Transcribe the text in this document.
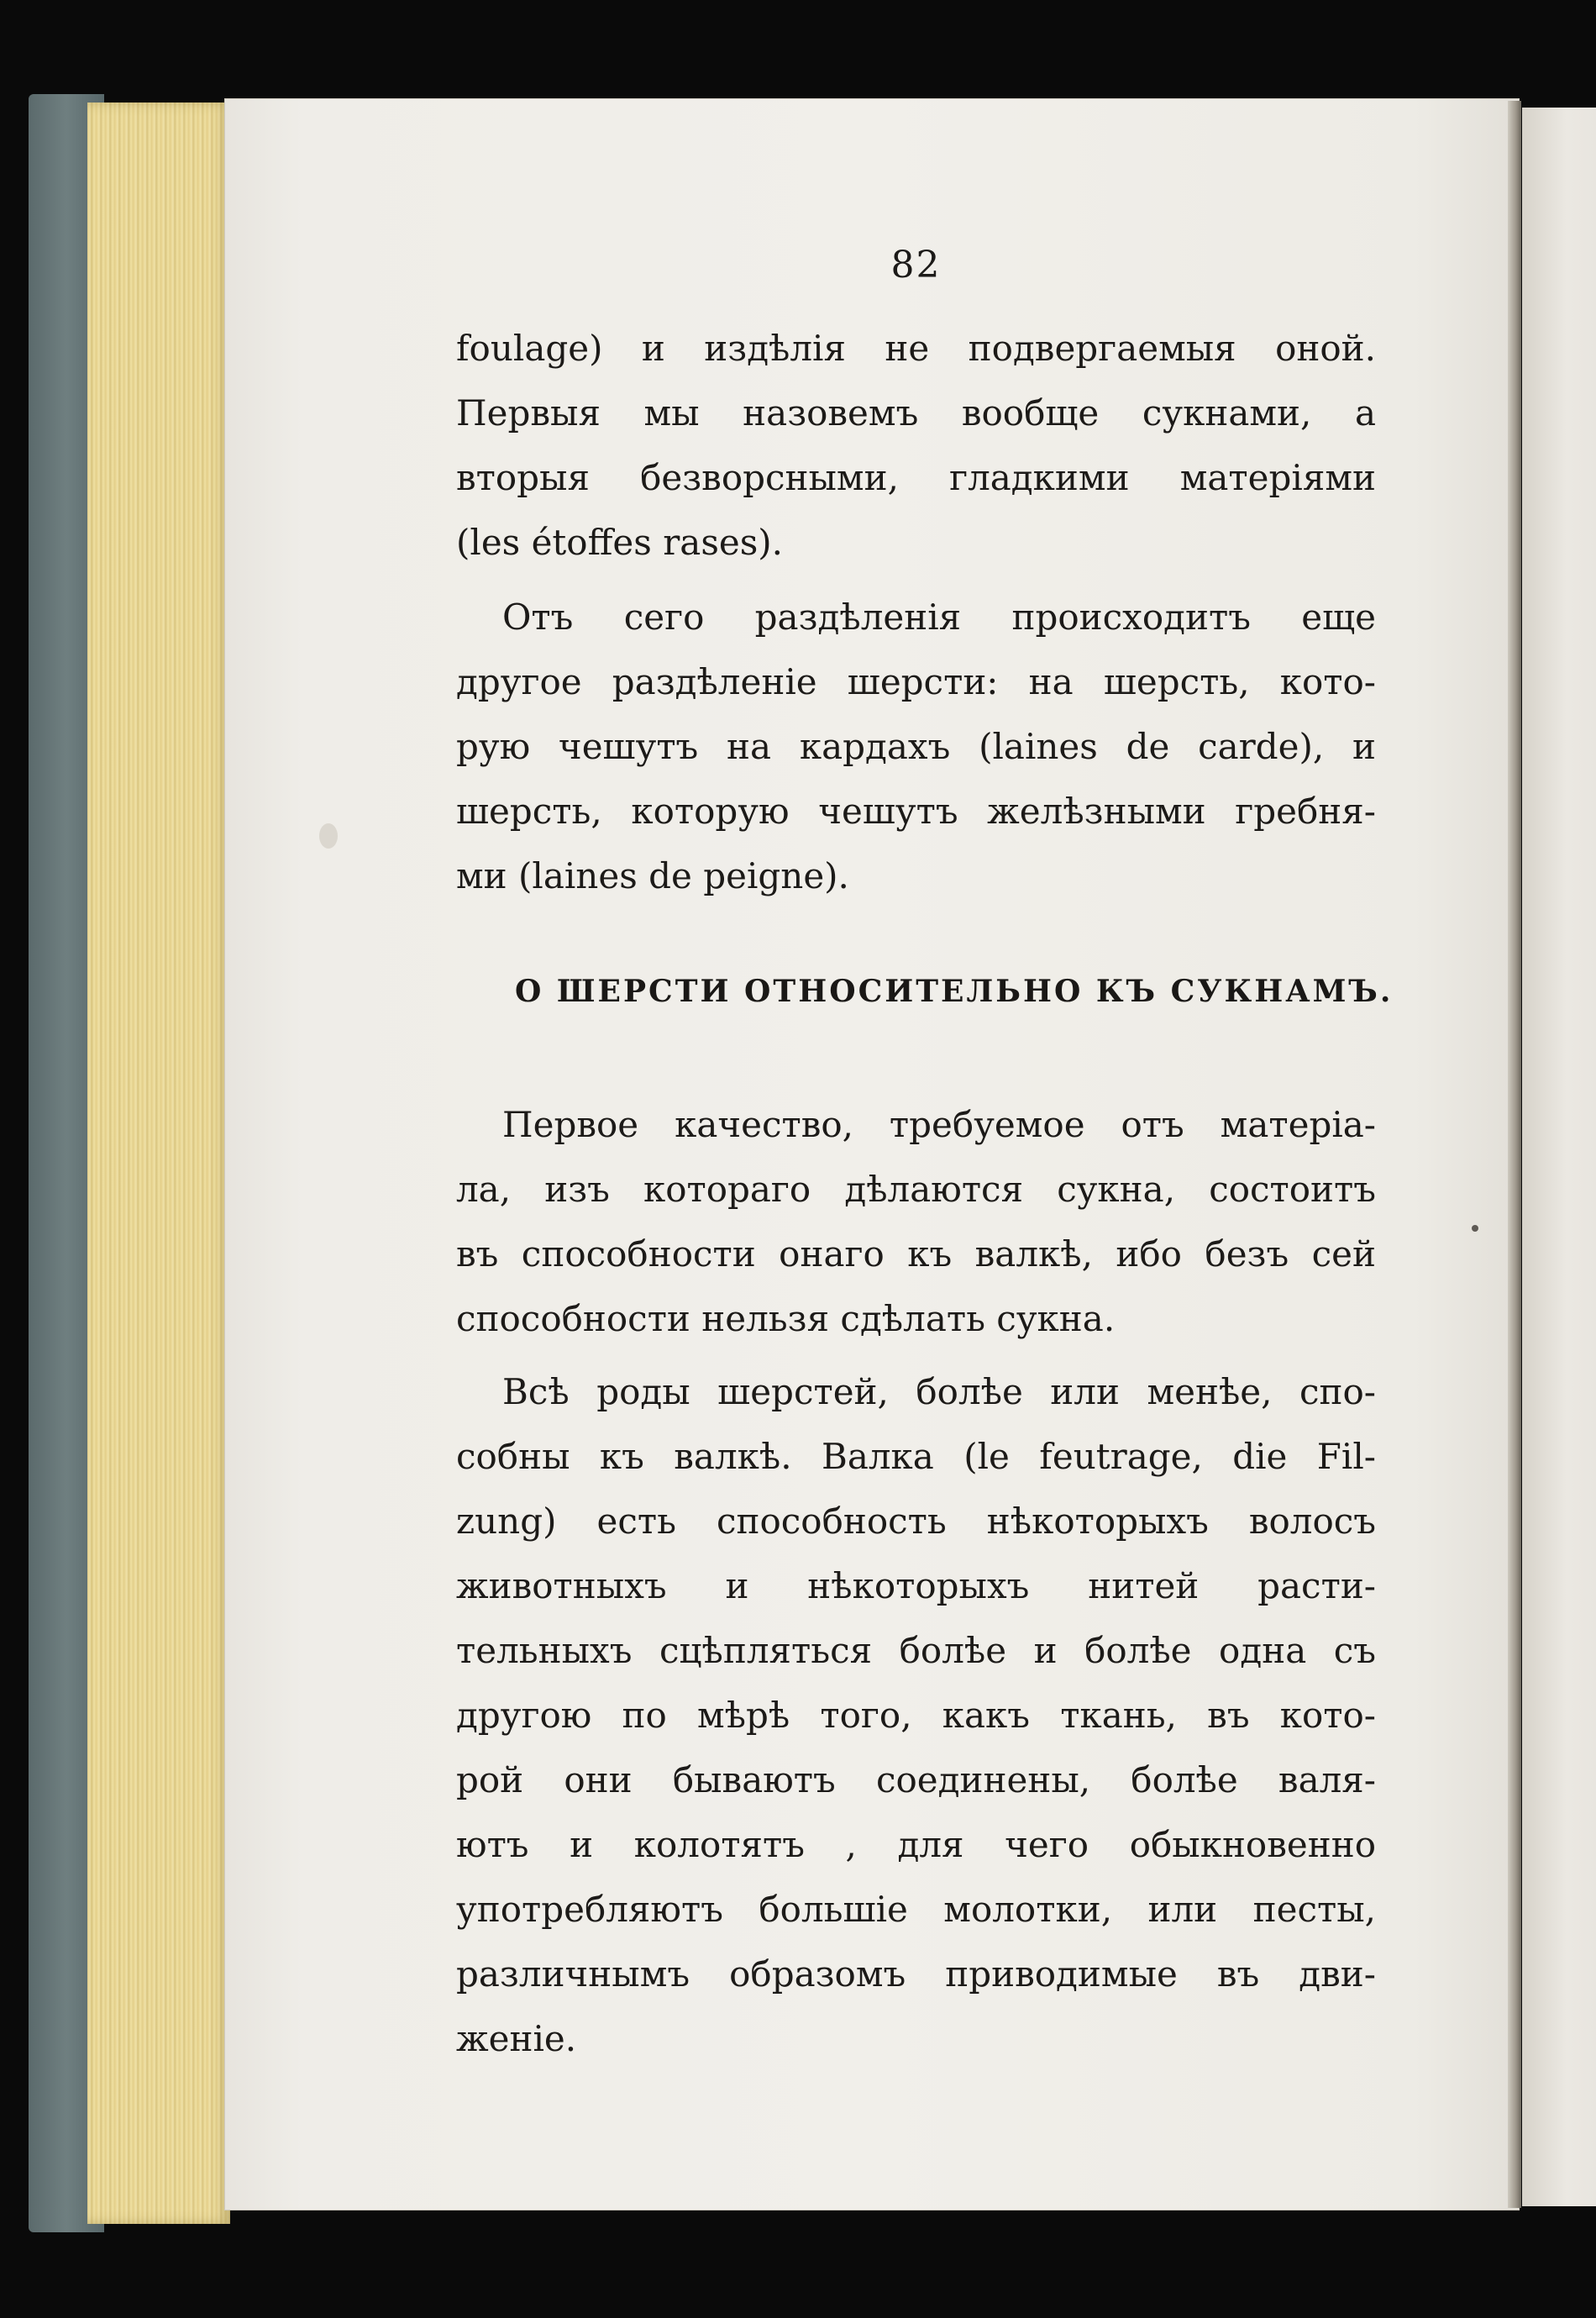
82
foulage) и издѣлія не подвергаемыя оной.
Первыя мы назовемъ вообще сукнами, а
вторыя безворсными, гладкими матеріями
(les étoffes rases).
Отъ сего раздѣленія происходитъ еще
другое раздѣленіе шерсти: на шерсть, кото-
рую чешутъ на кардахъ (laines de carde), и
шерсть, которую чешутъ желѣзными гребня-
ми (laines de peigne).
О ШЕРСТИ ОТНОСИТЕЛЬНО КЪ СУКНАМЪ.
Первое качество, требуемое отъ матеріа-
ла, изъ котораго дѣлаются сукна, состоитъ
въ способности онаго къ валкѣ, ибо безъ сей
способности нельзя сдѣлать сукна.
Всѣ роды шерстей, болѣе или менѣе, спо-
собны къ валкѣ. Валка (le feutrage, die Fil-
zung) есть способность нѣкоторыхъ волосъ
животныхъ и нѣкоторыхъ нитей расти-
тельныхъ сцѣпляться болѣе и болѣе одна съ
другою по мѣрѣ того, какъ ткань, въ кото-
рой они бываютъ соединены, болѣе валя-
ютъ и колотятъ , для чего обыкновенно
употребляютъ большіе молотки, или песты,
различнымъ образомъ приводимые въ дви-
женіе.
